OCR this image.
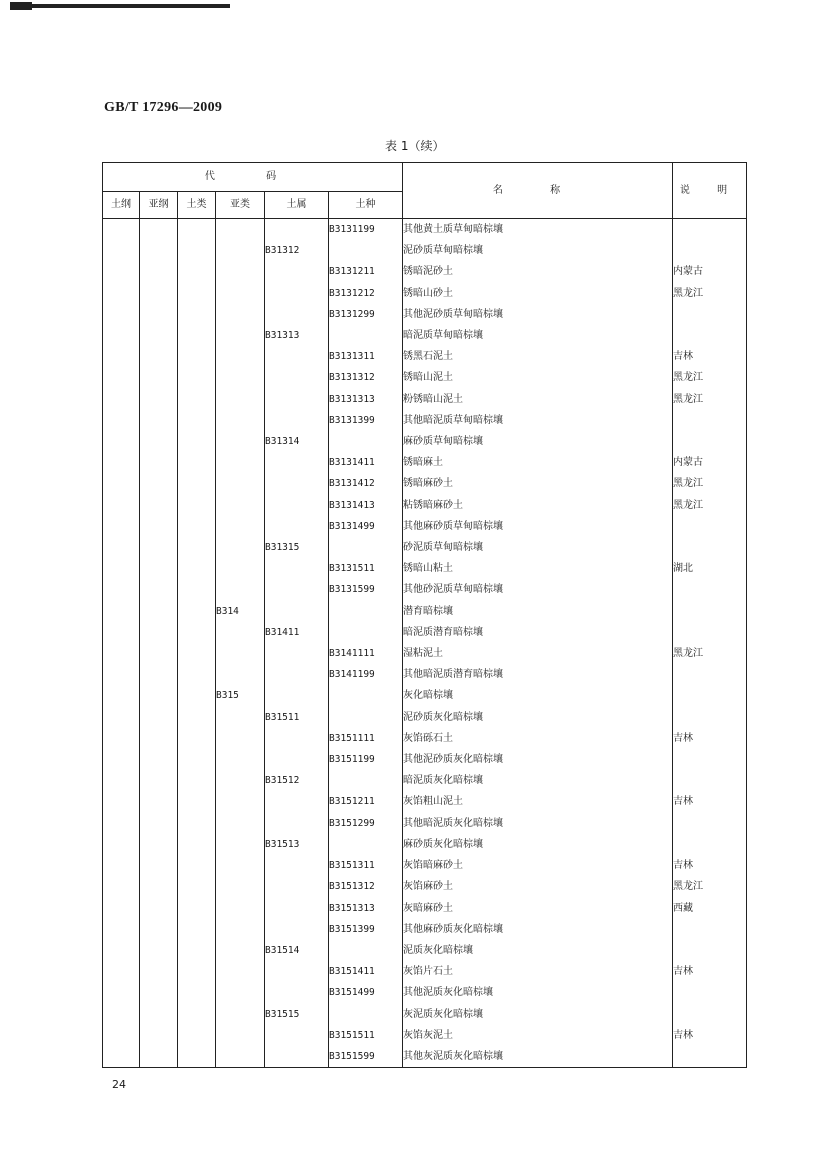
GB/T 17296—2009
表 1（续）
代 码						名 称	说 明
土纲	亚纲	土类	亚类	土属	土种		
					B3131199	其他黄土质草甸暗棕壤	
				B31312		泥砂质草甸暗棕壤	
					B3131211	锈暗泥砂土	内蒙古
					B3131212	锈暗山砂土	黑龙江
					B3131299	其他泥砂质草甸暗棕壤	
				B31313		暗泥质草甸暗棕壤	
					B3131311	锈黑石泥土	吉林
					B3131312	锈暗山泥土	黑龙江
					B3131313	粉锈暗山泥土	黑龙江
					B3131399	其他暗泥质草甸暗棕壤	
				B31314		麻砂质草甸暗棕壤	
					B3131411	锈暗麻土	内蒙古
					B3131412	锈暗麻砂土	黑龙江
					B3131413	粘锈暗麻砂土	黑龙江
					B3131499	其他麻砂质草甸暗棕壤	
				B31315		砂泥质草甸暗棕壤	
					B3131511	锈暗山粘土	湖北
					B3131599	其他砂泥质草甸暗棕壤	
			B314			潜育暗棕壤	
				B31411		暗泥质潜育暗棕壤	
					B3141111	湿粘泥土	黑龙江
					B3141199	其他暗泥质潜育暗棕壤	
			B315			灰化暗棕壤	
				B31511		泥砂质灰化暗棕壤	
					B3151111	灰馅砾石土	吉林
					B3151199	其他泥砂质灰化暗棕壤	
				B31512		暗泥质灰化暗棕壤	
					B3151211	灰馅粗山泥土	吉林
					B3151299	其他暗泥质灰化暗棕壤	
				B31513		麻砂质灰化暗棕壤	
					B3151311	灰馅暗麻砂土	吉林
					B3151312	灰馅麻砂土	黑龙江
					B3151313	灰暗麻砂土	西藏
					B3151399	其他麻砂质灰化暗棕壤	
				B31514		泥质灰化暗棕壤	
					B3151411	灰馅片石土	吉林
					B3151499	其他泥质灰化暗棕壤	
				B31515		灰泥质灰化暗棕壤	
					B3151511	灰馅灰泥土	吉林
					B3151599	其他灰泥质灰化暗棕壤	
24
